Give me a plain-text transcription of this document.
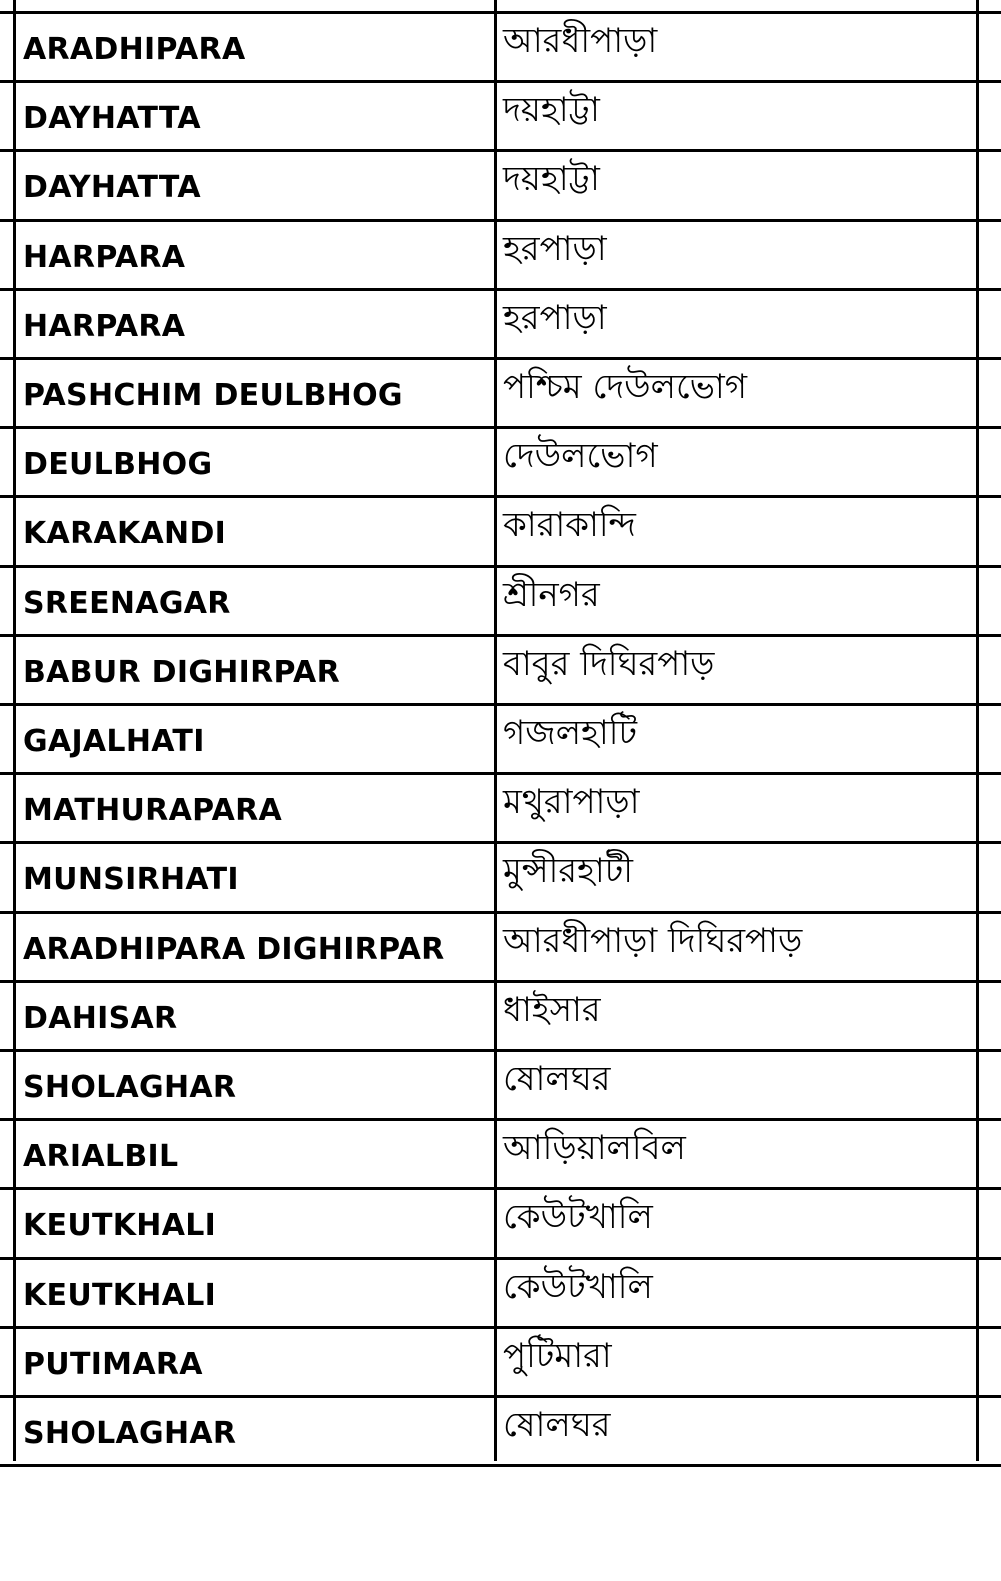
ARADHIPARA	আরধীপাড়া
DAYHATTA	দয়হাট্টা
DAYHATTA	দয়হাট্টা
HARPARA	হরপাড়া
HARPARA	হরপাড়া
PASHCHIM DEULBHOG	পশ্চিম দেউলভোগ
DEULBHOG	দেউলভোগ
KARAKANDI	কারাকান্দি
SREENAGAR	শ্রীনগর
BABUR DIGHIRPAR	বাবুর দিঘিরপাড়
GAJALHATI	গজলহাটি
MATHURAPARA	মথুরাপাড়া
MUNSIRHATI	মুন্সীরহাটী
ARADHIPARA DIGHIRPAR	আরধীপাড়া দিঘিরপাড়
DAHISAR	ধাইসার
SHOLAGHAR	ষোলঘর
ARIALBIL	আড়িয়ালবিল
KEUTKHALI	কেউটখালি
KEUTKHALI	কেউটখালি
PUTIMARA	পুটিমারা
SHOLAGHAR	ষোলঘর
